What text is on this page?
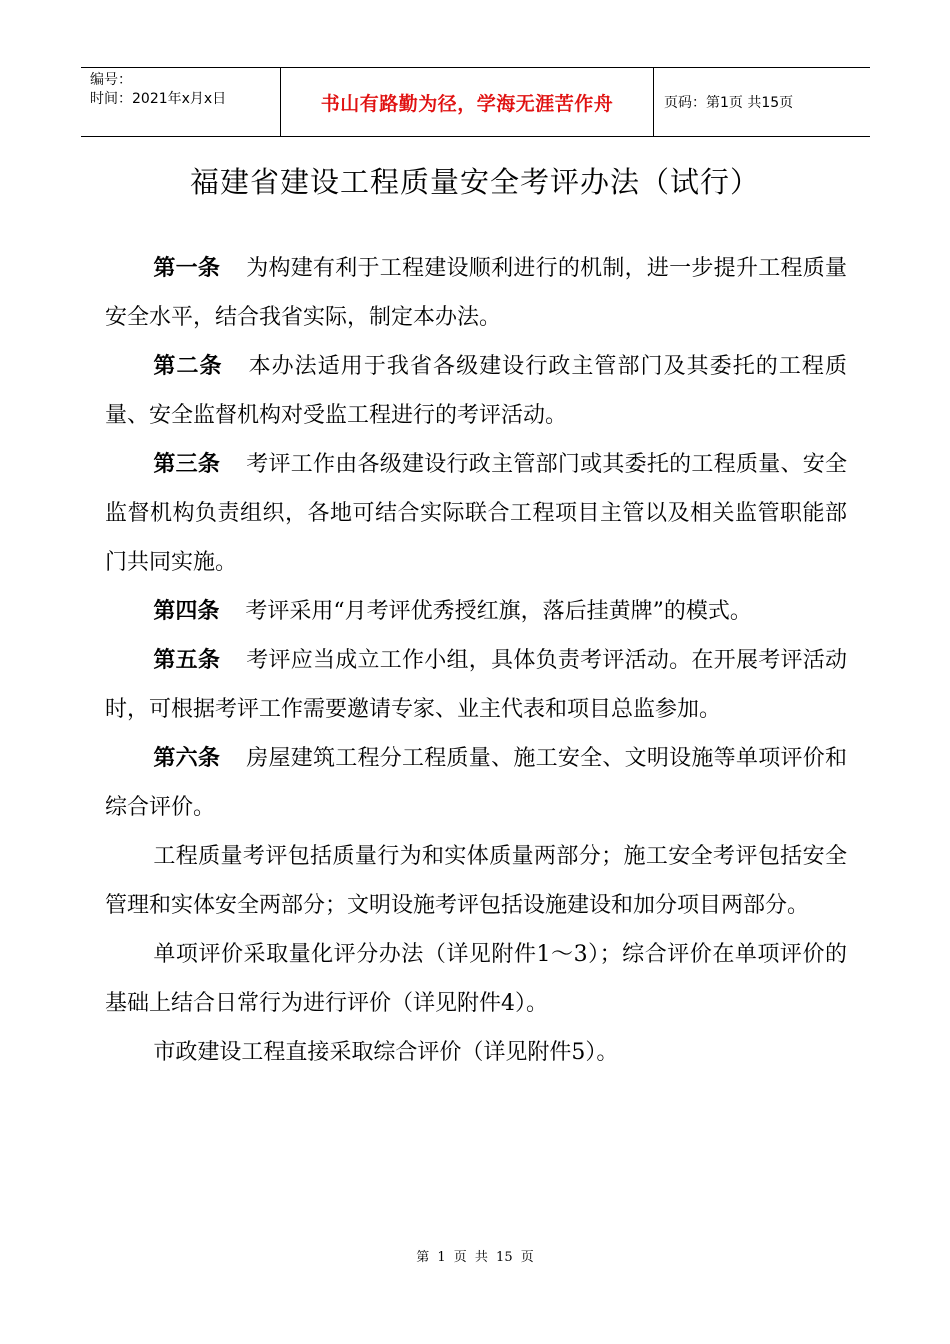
编号：
时间：2021年x月x日	书山有路勤为径，学海无涯苦作舟	页码：第1页 共15页
福建省建设工程质量安全考评办法（试行）

第一条 为构建有利于工程建设顺利进行的机制，进一步提升工程质量安全水平，结合我省实际，制定本办法。

第二条 本办法适用于我省各级建设行政主管部门及其委托的工程质量、安全监督机构对受监工程进行的考评活动。

第三条 考评工作由各级建设行政主管部门或其委托的工程质量、安全监督机构负责组织，各地可结合实际联合工程项目主管以及相关监管职能部门共同实施。

第四条 考评采用“月考评优秀授红旗，落后挂黄牌”的模式。

第五条 考评应当成立工作小组，具体负责考评活动。在开展考评活动时，可根据考评工作需要邀请专家、业主代表和项目总监参加。

第六条 房屋建筑工程分工程质量、施工安全、文明设施等单项评价和综合评价。

工程质量考评包括质量行为和实体质量两部分；施工安全考评包括安全管理和实体安全两部分；文明设施考评包括设施建设和加分项目两部分。

单项评价采取量化评分办法（详见附件1～3）；综合评价在单项评价的基础上结合日常行为进行评价（详见附件4）。

市政建设工程直接采取综合评价（详见附件5）。

第 1 页 共 15 页
